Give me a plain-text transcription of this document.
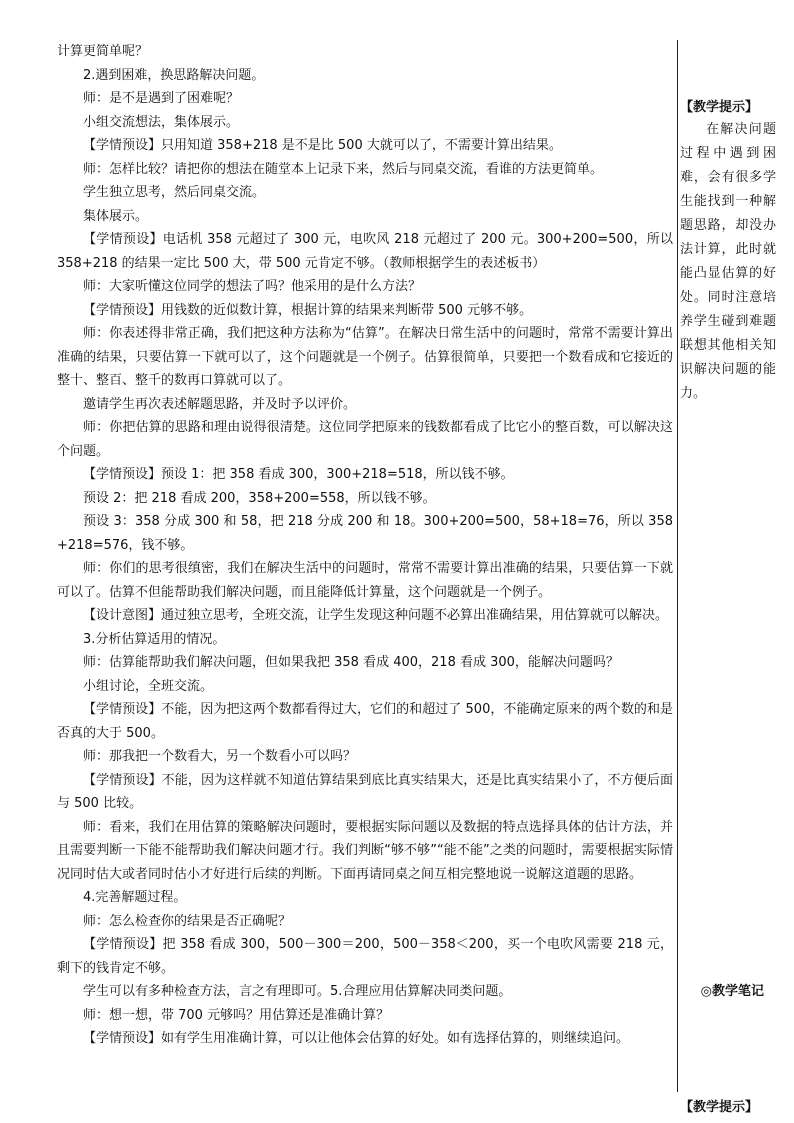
计算更简单呢？

2.遇到困难，换思路解决问题。

师：是不是遇到了困难呢？

小组交流想法，集体展示。

【学情预设】只用知道 358+218 是不是比 500 大就可以了，不需要计算出结果。

师：怎样比较？请把你的想法在随堂本上记录下来，然后与同桌交流，看谁的方法更简单。

学生独立思考，然后同桌交流。

集体展示。

【学情预设】电话机 358 元超过了 300 元，电吹风 218 元超过了 200 元。300+200=500，所以 358+218 的结果一定比 500 大，带 500 元肯定不够。（教师根据学生的表述板书）

师：大家听懂这位同学的想法了吗？他采用的是什么方法？

【学情预设】用钱数的近似数计算，根据计算的结果来判断带 500 元够不够。

师：你表述得非常正确，我们把这种方法称为“估算”。在解决日常生活中的问题时，常常不需要计算出准确的结果，只要估算一下就可以了，这个问题就是一个例子。估算很简单，只要把一个数看成和它接近的整十、整百、整千的数再口算就可以了。

邀请学生再次表述解题思路，并及时予以评价。

师：你把估算的思路和理由说得很清楚。这位同学把原来的钱数都看成了比它小的整百数，可以解决这个问题。

【学情预设】预设 1：把 358 看成 300，300+218=518，所以钱不够。

预设 2：把 218 看成 200，358+200=558，所以钱不够。

预设 3：358 分成 300 和 58，把 218 分成 200 和 18。300+200=500，58+18=76，所以 358+218=576，钱不够。

师：你们的思考很缜密，我们在解决生活中的问题时，常常不需要计算出准确的结果，只要估算一下就可以了。估算不但能帮助我们解决问题，而且能降低计算量，这个问题就是一个例子。

【设计意图】通过独立思考，全班交流，让学生发现这种问题不必算出准确结果，用估算就可以解决。

3.分析估算适用的情况。

师：估算能帮助我们解决问题，但如果我把 358 看成 400，218 看成 300，能解决问题吗？

小组讨论，全班交流。

【学情预设】不能，因为把这两个数都看得过大，它们的和超过了 500，不能确定原来的两个数的和是否真的大于 500。

师：那我把一个数看大，另一个数看小可以吗？

【学情预设】不能，因为这样就不知道估算结果到底比真实结果大，还是比真实结果小了，不方便后面与 500 比较。

师：看来，我们在用估算的策略解决问题时，要根据实际问题以及数据的特点选择具体的估计方法，并且需要判断一下能不能帮助我们解决问题才行。我们判断“够不够”“能不能”之类的问题时，需要根据实际情况同时估大或者同时估小才好进行后续的判断。下面再请同桌之间互相完整地说一说解这道题的思路。

4.完善解题过程。

师：怎么检查你的结果是否正确呢？

【学情预设】把 358 看成 300，500－300＝200，500－358＜200，买一个电吹风需要 218 元，剩下的钱肯定不够。

学生可以有多种检查方法，言之有理即可。5.合理应用估算解决同类问题。

师：想一想，带 700 元够吗？用估算还是准确计算？

【学情预设】如有学生用准确计算，可以让他体会估算的好处。如有选择估算的，则继续追问。

【教学提示】

在解决问题过程中遇到困难，会有很多学生能找到一种解题思路，却没办法计算，此时就能凸显估算的好处。同时注意培养学生碰到难题联想其他相关知识解决问题的能力。

◎教学笔记

【教学提示】
